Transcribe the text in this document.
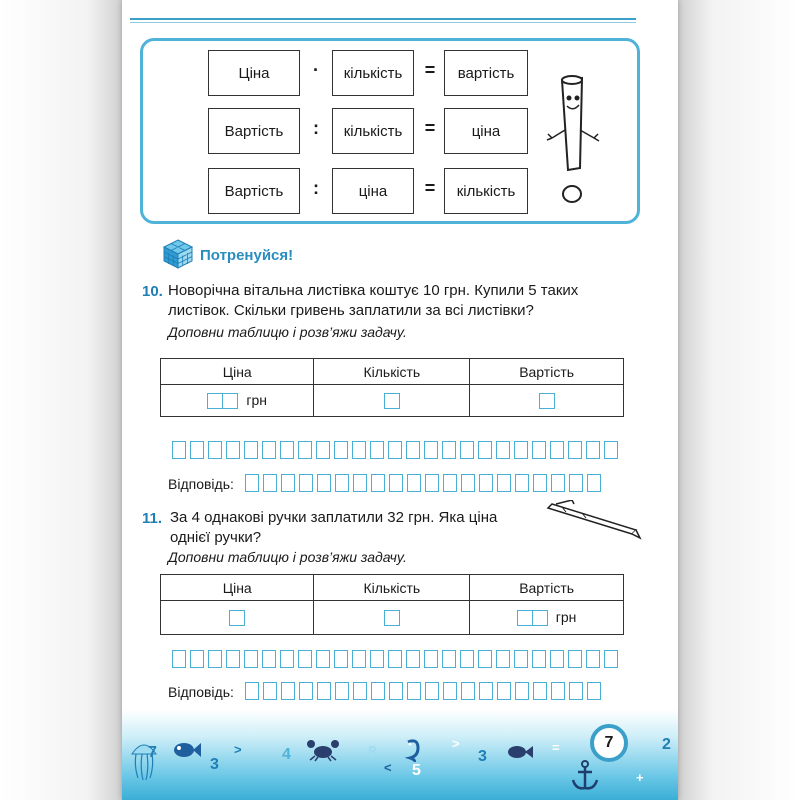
Ціна	·	кількість	=	вартість
Вартість	:	кількість	=	ціна
Вартість	:	ціна	=	кількість
Потренуйся!
10. Новорічна вітальна листівка коштує 10 грн. Купили 5 таких
листівок. Скільки гривень заплатили за всі листівки?
Доповни таблицю і розв’яжи задачу.
Ціна	Кількість	Вартість
грн		
Відповідь:
11. За 4 однакові ручки заплатили 32 грн. Яка ціна
однієї ручки?
Доповни таблицю і розв’яжи задачу.
Ціна	Кількість	Вартість
		грн
Відповідь:
7
3
4	8
5
3
2
>
<
=
>
+
7
